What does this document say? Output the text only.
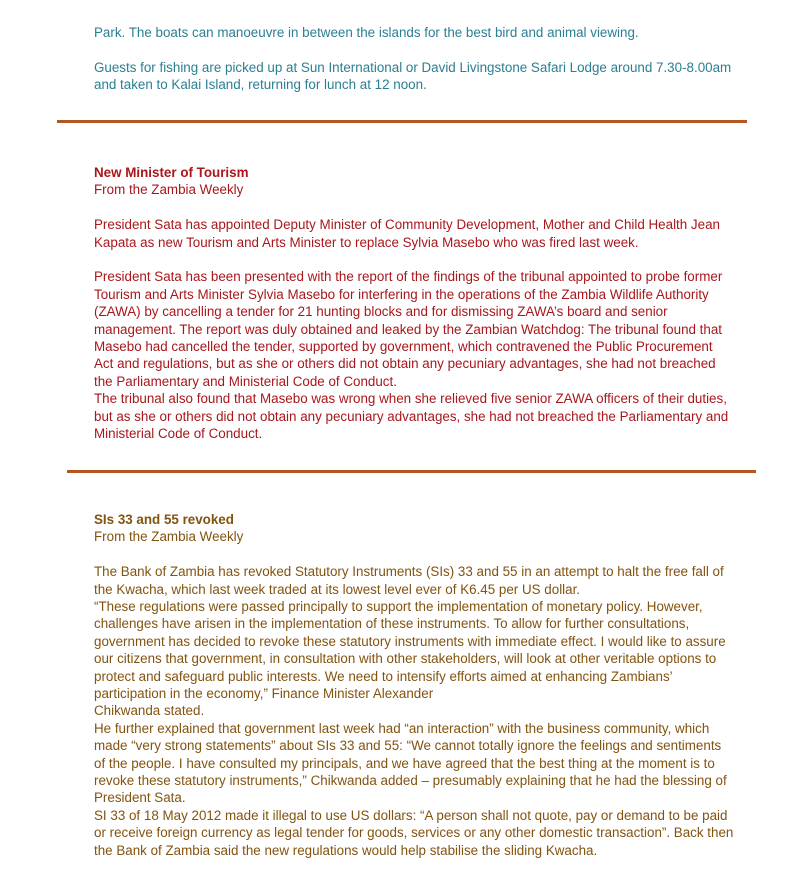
Park. The boats can manoeuvre in between the islands for the best bird and animal viewing.

Guests for fishing are picked up at Sun International or David Livingstone Safari Lodge around 7.30-8.00am and taken to Kalai Island, returning for lunch at 12 noon.

New Minister of Tourism

From the Zambia Weekly

President Sata has appointed Deputy Minister of Community Development, Mother and Child Health Jean Kapata as new Tourism and Arts Minister to replace Sylvia Masebo who was fired last week.

President Sata has been presented with the report of the findings of the tribunal appointed to probe former Tourism and Arts Minister Sylvia Masebo for interfering in the operations of the Zambia Wildlife Authority (ZAWA) by cancelling a tender for 21 hunting blocks and for dismissing ZAWA’s board and senior management. The report was duly obtained and leaked by the Zambian Watchdog: The tribunal found that Masebo had cancelled the tender, supported by government, which contravened the Public Procurement Act and regulations, but as she or others did not obtain any pecuniary advantages, she had not breached the Parliamentary and Ministerial Code of Conduct.

The tribunal also found that Masebo was wrong when she relieved five senior ZAWA officers of their duties, but as she or others did not obtain any pecuniary advantages, she had not breached the Parliamentary and Ministerial Code of Conduct.

SIs 33 and 55 revoked

From the Zambia Weekly

The Bank of Zambia has revoked Statutory Instruments (SIs) 33 and 55 in an attempt to halt the free fall of the Kwacha, which last week traded at its lowest level ever of K6.45 per US dollar.

“These regulations were passed principally to support the implementation of monetary policy. However, challenges have arisen in the implementation of these instruments. To allow for further consultations, government has decided to revoke these statutory instruments with immediate effect. I would like to assure our citizens that government, in consultation with other stakeholders, will look at other veritable options to protect and safeguard public interests. We need to intensify efforts aimed at enhancing Zambians’ participation in the economy,” Finance Minister Alexander

Chikwanda stated.

He further explained that government last week had “an interaction” with the business community, which made “very strong statements” about SIs 33 and 55: “We cannot totally ignore the feelings and sentiments of the people. I have consulted my principals, and we have agreed that the best thing at the moment is to revoke these statutory instruments,” Chikwanda added – presumably explaining that he had the blessing of President Sata.

SI 33 of 18 May 2012 made it illegal to use US dollars: “A person shall not quote, pay or demand to be paid or receive foreign currency as legal tender for goods, services or any other domestic transaction”. Back then the Bank of Zambia said the new regulations would help stabilise the sliding Kwacha.
